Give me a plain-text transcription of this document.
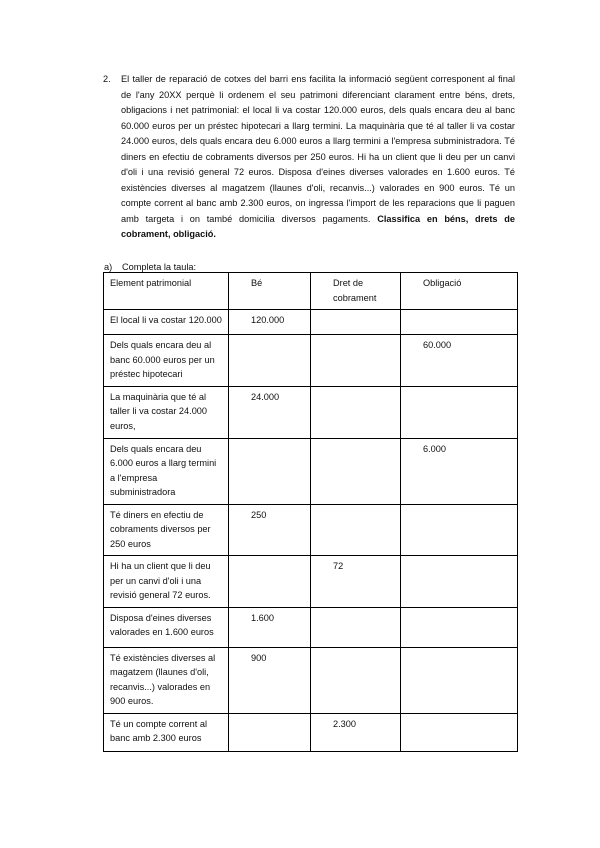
2. El taller de reparació de cotxes del barri ens facilita la informació següent corresponent al final de l'any 20XX perquè li ordenem el seu patrimoni diferenciant clarament entre béns, drets, obligacions i net patrimonial: el local li va costar 120.000 euros, dels quals encara deu al banc 60.000 euros per un préstec hipotecari a llarg termini. La maquinària que té al taller li va costar 24.000 euros, dels quals encara deu 6.000 euros a llarg termini a l'empresa subministradora. Té diners en efectiu de cobraments diversos per 250 euros. Hi ha un client que li deu per un canvi d'oli i una revisió general 72 euros. Disposa d'eines diverses valorades en 1.600 euros. Té existències diverses al magatzem (llaunes d'oli, recanvis...) valorades en 900 euros. Té un compte corrent al banc amb 2.300 euros, on ingressa l'import de les reparacions que li paguen amb targeta i on també domicilia diversos pagaments. Classifica en béns, drets de cobrament, obligació.
a) Completa la taula:
Element patrimonial	Bé	Dret de cobrament	Obligació
El local li va costar 120.000	120.000		
Dels quals encara deu al banc 60.000 euros per un préstec hipotecari			60.000
La maquinària que té al taller li va costar 24.000 euros,	24.000		
Dels quals encara deu 6.000 euros a llarg termini a l'empresa subministradora			6.000
Té diners en efectiu de cobraments diversos per 250 euros	250		
Hi ha un client que li deu per un canvi d'oli i una revisió general 72 euros.		72	
Disposa d'eines diverses valorades en 1.600 euros	1.600		
Té existències diverses al magatzem (llaunes d'oli, recanvis...) valorades en 900 euros.	900		
Té un compte corrent al banc amb 2.300 euros		2.300	
